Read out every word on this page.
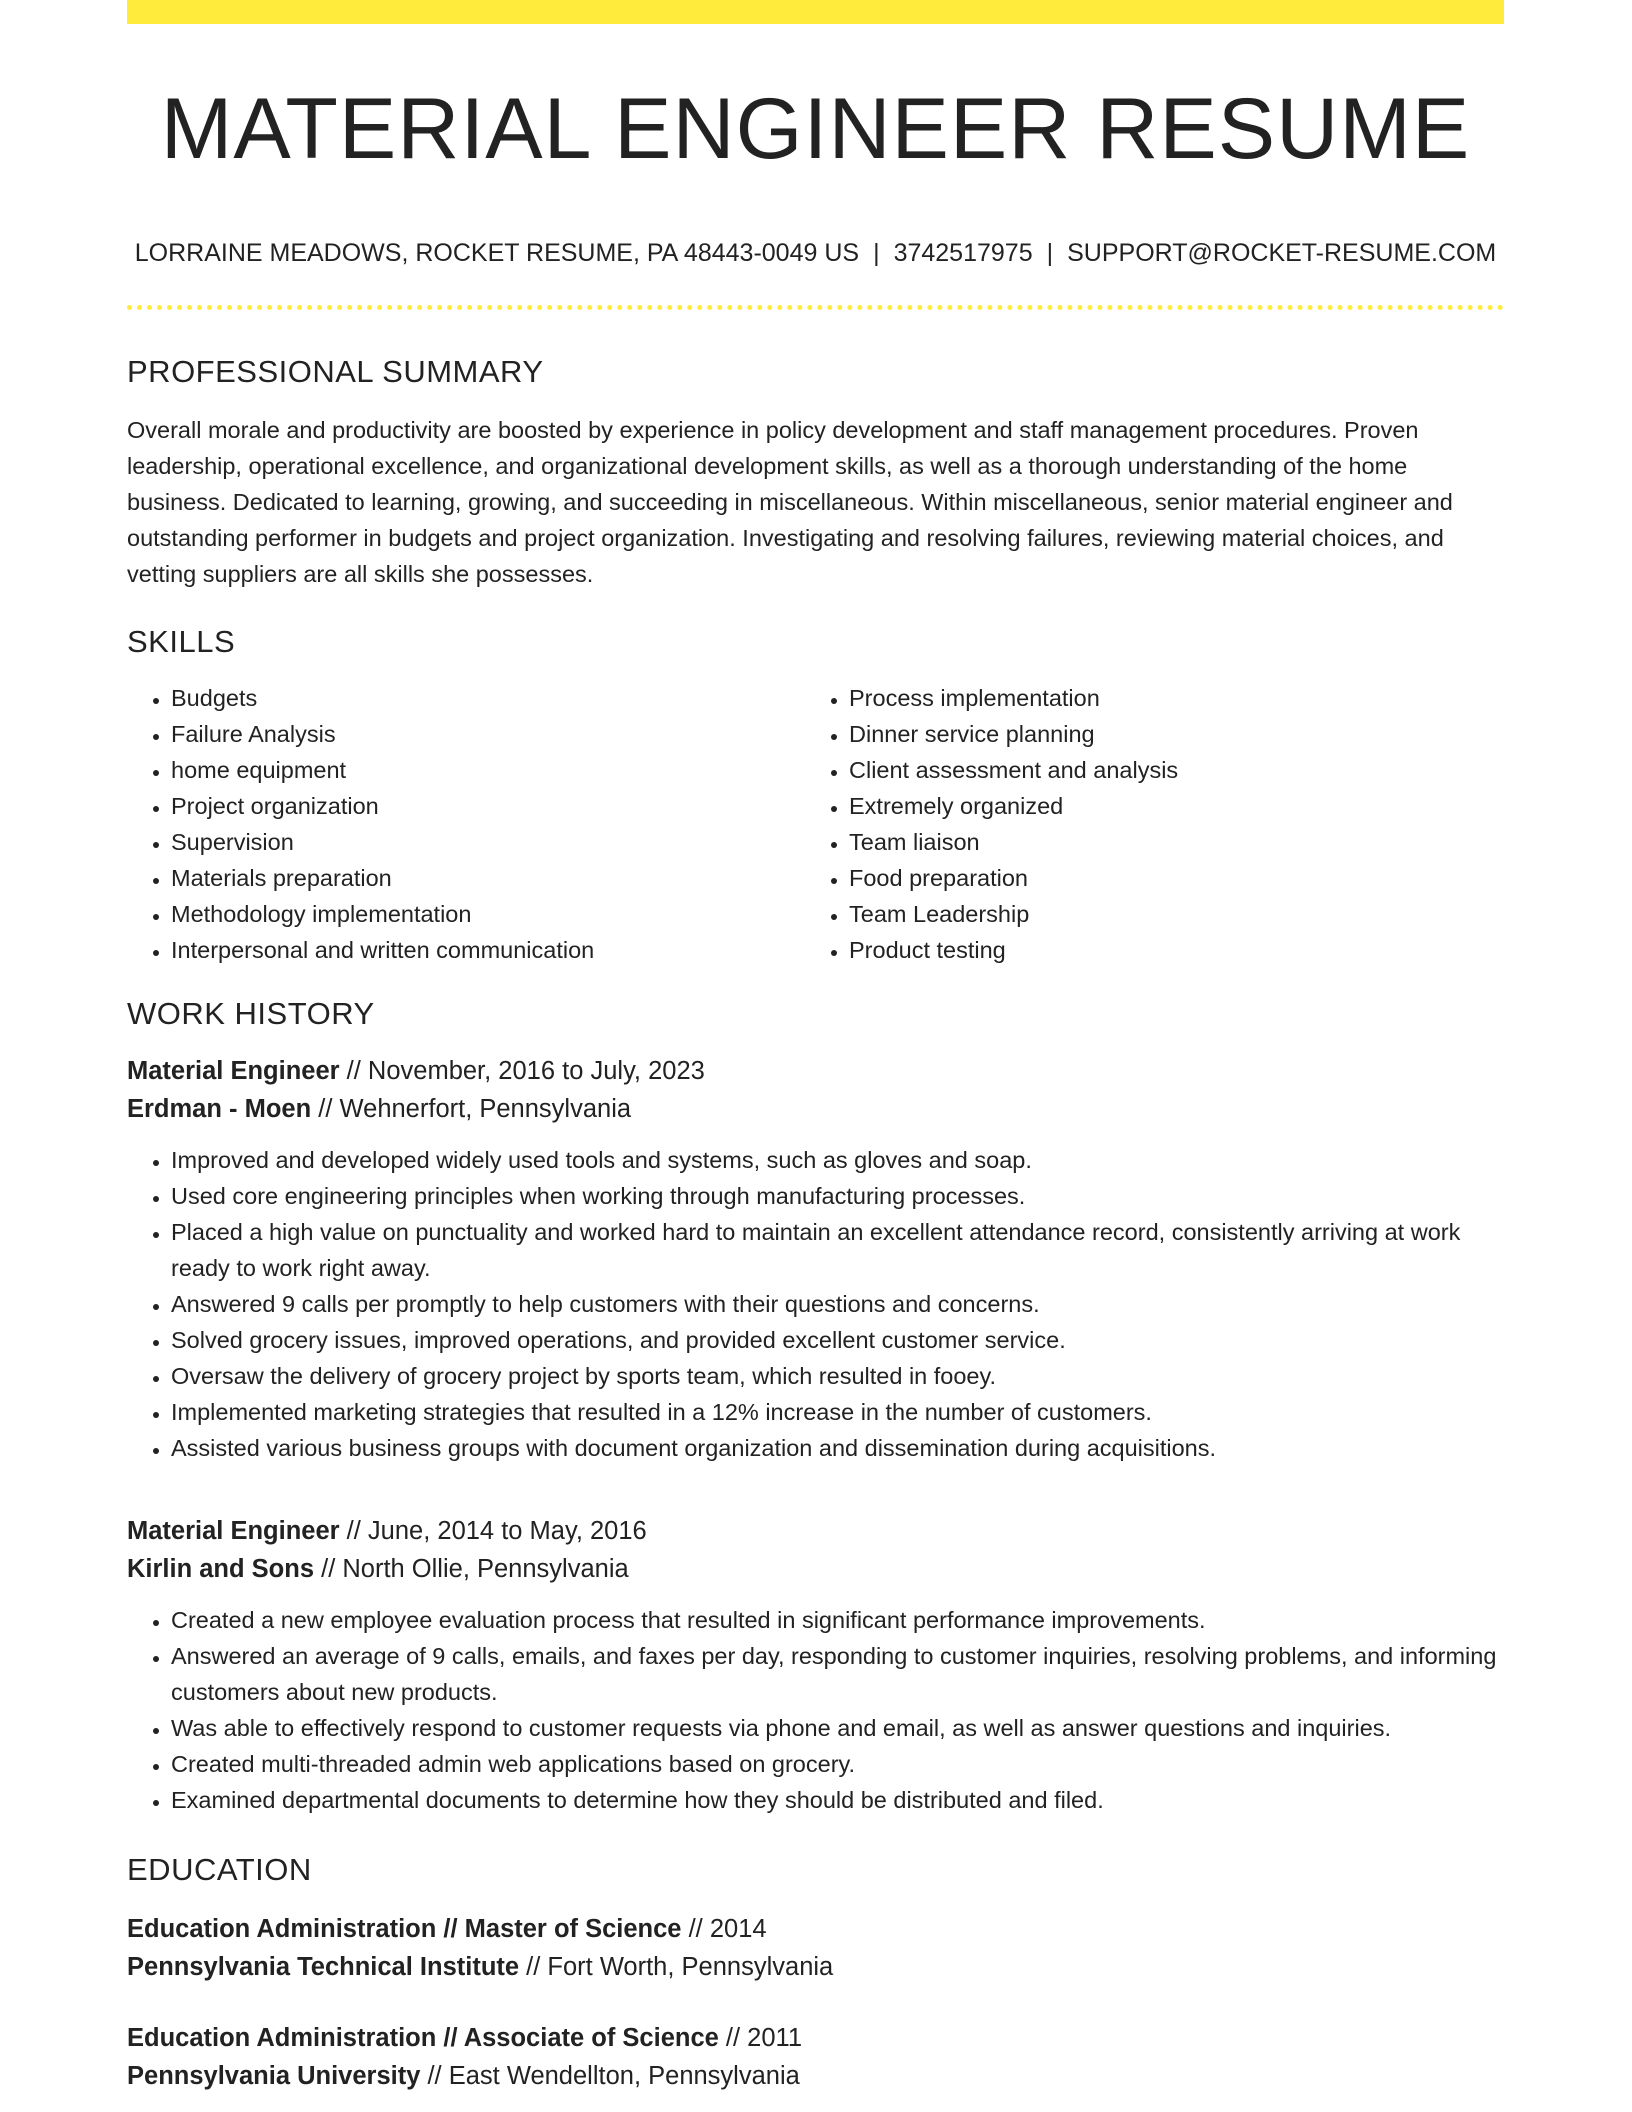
MATERIAL ENGINEER RESUME
LORRAINE MEADOWS, ROCKET RESUME, PA 48443-0049 US | 3742517975 | SUPPORT@ROCKET-RESUME.COM
PROFESSIONAL SUMMARY

Overall morale and productivity are boosted by experience in policy development and staff management procedures. Proven leadership, operational excellence, and organizational development skills, as well as a thorough understanding of the home business. Dedicated to learning, growing, and succeeding in miscellaneous. Within miscellaneous, senior material engineer and outstanding performer in budgets and project organization. Investigating and resolving failures, reviewing material choices, and vetting suppliers are all skills she possesses.

SKILLS
• Budgets
• Failure Analysis
• home equipment
• Project organization
• Supervision
• Materials preparation
• Methodology implementation
• Interpersonal and written communication
• Process implementation
• Dinner service planning
• Client assessment and analysis
• Extremely organized
• Team liaison
• Food preparation
• Team Leadership
• Product testing
WORK HISTORY
Material Engineer // November, 2016 to July, 2023
Erdman - Moen // Wehnerfort, Pennsylvania
• Improved and developed widely used tools and systems, such as gloves and soap.
• Used core engineering principles when working through manufacturing processes.
• Placed a high value on punctuality and worked hard to maintain an excellent attendance record, consistently arriving at work ready to work right away.
• Answered 9 calls per promptly to help customers with their questions and concerns.
• Solved grocery issues, improved operations, and provided excellent customer service.
• Oversaw the delivery of grocery project by sports team, which resulted in fooey.
• Implemented marketing strategies that resulted in a 12% increase in the number of customers.
• Assisted various business groups with document organization and dissemination during acquisitions.
Material Engineer // June, 2014 to May, 2016
Kirlin and Sons // North Ollie, Pennsylvania
• Created a new employee evaluation process that resulted in significant performance improvements.
• Answered an average of 9 calls, emails, and faxes per day, responding to customer inquiries, resolving problems, and informing customers about new products.
• Was able to effectively respond to customer requests via phone and email, as well as answer questions and inquiries.
• Created multi-threaded admin web applications based on grocery.
• Examined departmental documents to determine how they should be distributed and filed.
EDUCATION
Education Administration // Master of Science // 2014
Pennsylvania Technical Institute // Fort Worth, Pennsylvania
Education Administration // Associate of Science // 2011
Pennsylvania University // East Wendellton, Pennsylvania
